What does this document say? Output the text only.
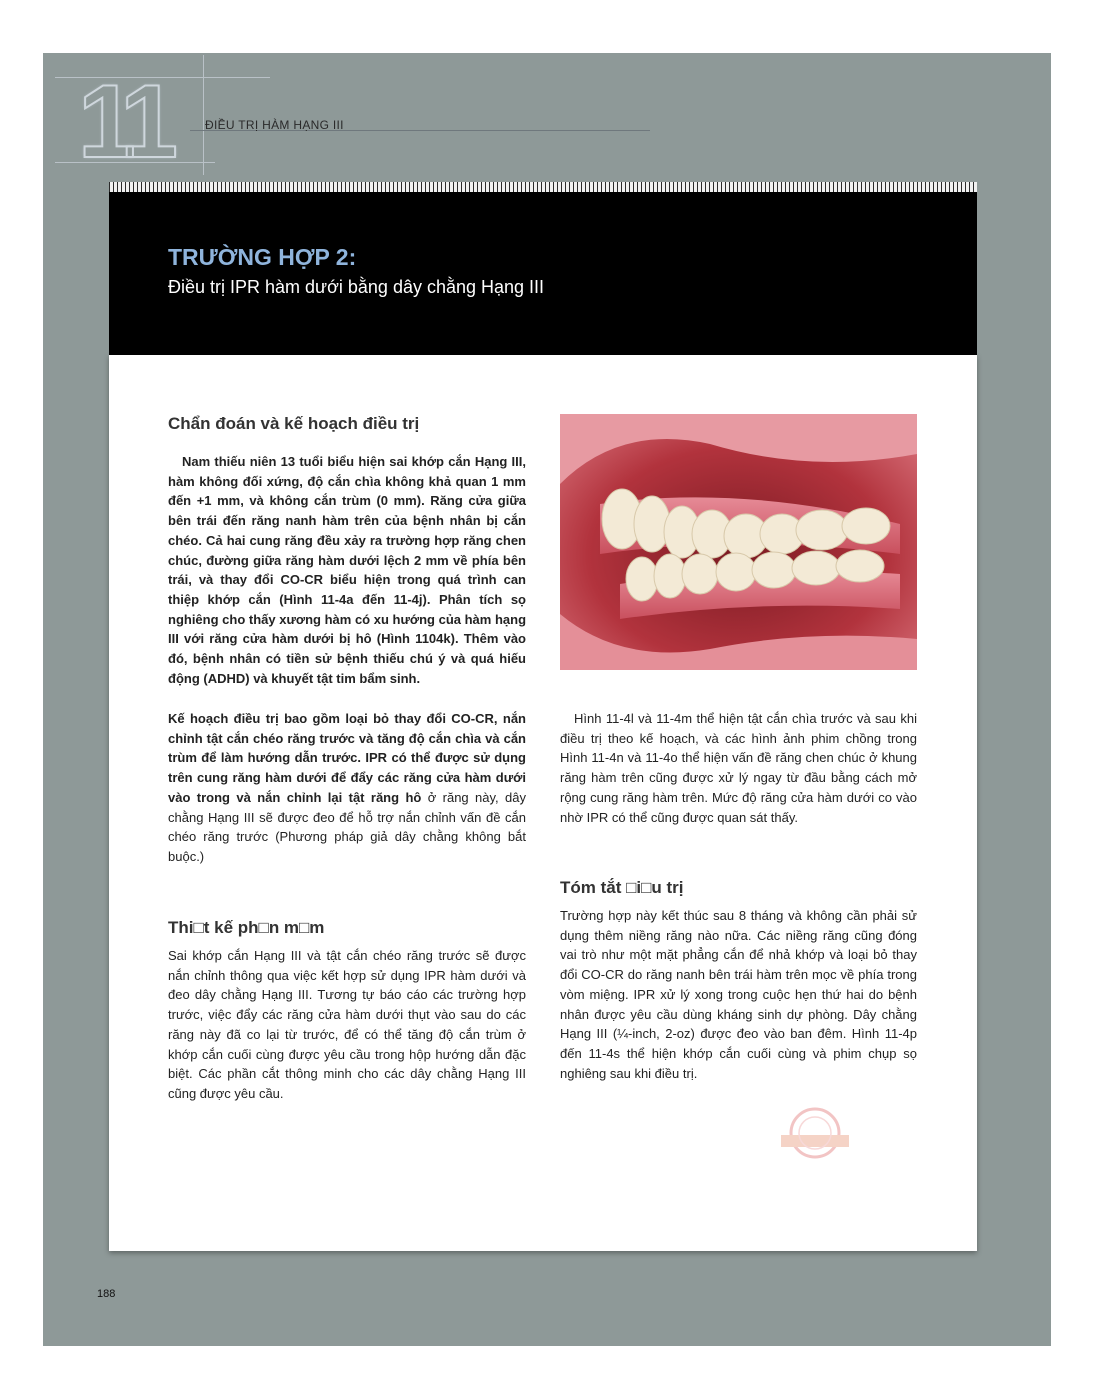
11	ĐIỀU TRỊ HÀM HẠNG III
TRƯỜNG HỢP 2:
Điều trị IPR hàm dưới bằng dây chằng Hạng III
Chẩn đoán và kế hoạch điều trị
Nam thiếu niên 13 tuổi biểu hiện sai khớp cắn Hạng III, hàm không đối xứng, độ cắn chìa không khả quan 1 mm đến +1 mm, và không cắn trùm (0 mm). Răng cửa giữa bên trái đến răng nanh hàm trên của bệnh nhân bị cắn chéo. Cả hai cung răng đều xảy ra trường hợp răng chen chúc, đường giữa răng hàm dưới lệch 2 mm về phía bên trái, và thay đổi CO-CR biểu hiện trong quá trình can thiệp khớp cắn (Hình 11-4a đến 11-4j). Phân tích sọ nghiêng cho thấy xương hàm có xu hướng của hàm hạng III với răng cửa hàm dưới bị hô (Hình 1104k). Thêm vào đó, bệnh nhân có tiền sử bệnh thiếu chú ý và quá hiếu động (ADHD) và khuyết tật tim bẩm sinh.
Kế hoạch điều trị bao gồm loại bỏ thay đổi CO-CR, nắn chỉnh tật cắn chéo răng trước và tăng độ cắn chìa và cắn trùm để làm hướng dẫn trước. IPR có thể được sử dụng trên cung răng hàm dưới để đẩy các răng cửa hàm dưới vào trong và nắn chỉnh lại tật răng hô ở răng này, dây chằng Hạng III sẽ được đeo để hỗ trợ nắn chỉnh vấn đề cắn chéo răng trước (Phương pháp giả dây chằng không bắt buộc.)
Thi□t kế ph□n m□m
Sai khớp cắn Hạng III và tật cắn chéo răng trước sẽ được nắn chỉnh thông qua việc kết hợp sử dụng IPR hàm dưới và đeo dây chằng Hạng III. Tương tự báo cáo các trường hợp trước, việc đẩy các răng cửa hàm dưới thụt vào sau do các răng này đã co lại từ trước, để có thể tăng độ cắn trùm ở khớp cắn cuối cùng được yêu cầu trong hộp hướng dẫn đặc biệt. Các phần cắt thông minh cho các dây chằng Hạng III cũng được yêu cầu.
Hình 11-4l và 11-4m thể hiện tật cắn chìa trước và sau khi điều trị theo kế hoạch, và các hình ảnh phim chồng trong Hình 11-4n và 11-4o thể hiện vấn đề răng chen chúc ở khung răng hàm trên cũng được xử lý ngay từ đầu bằng cách mở rộng cung răng hàm trên. Mức độ răng cửa hàm dưới co vào nhờ IPR có thể cũng được quan sát thấy.
Tóm tắt □i□u trị
Trường hợp này kết thúc sau 8 tháng và không cần phải sử dụng thêm niềng răng nào nữa. Các niềng răng cũng đóng vai trò như một mặt phẳng cắn để nhả khớp và loại bỏ thay đổi CO-CR do răng nanh bên trái hàm trên mọc về phía trong vòm miệng. IPR xử lý xong trong cuộc hẹn thứ hai do bệnh nhân được yêu cầu dùng kháng sinh dự phòng. Dây chằng Hạng III (¼-inch, 2-oz) được đeo vào ban đêm. Hình 11-4p đến 11-4s thể hiện khớp cắn cuối cùng và phim chụp sọ nghiêng sau khi điều trị.
188
